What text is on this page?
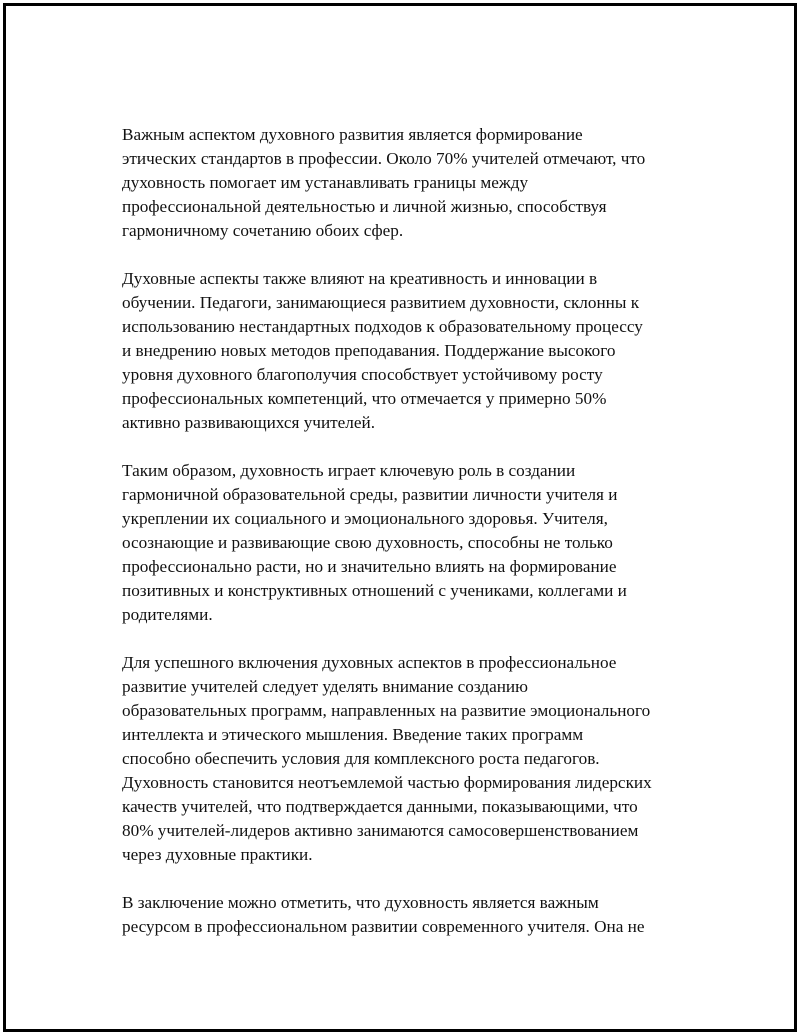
Важным аспектом духовного развития является формирование
этических стандартов в профессии. Около 70% учителей отмечают, что
духовность помогает им устанавливать границы между
профессиональной деятельностью и личной жизнью, способствуя
гармоничному сочетанию обоих сфер.

Духовные аспекты также влияют на креативность и инновации в
обучении. Педагоги, занимающиеся развитием духовности, склонны к
использованию нестандартных подходов к образовательному процессу
и внедрению новых методов преподавания. Поддержание высокого
уровня духовного благополучия способствует устойчивому росту
профессиональных компетенций, что отмечается у примерно 50%
активно развивающихся учителей.

Таким образом, духовность играет ключевую роль в создании
гармоничной образовательной среды, развитии личности учителя и
укреплении их социального и эмоционального здоровья. Учителя,
осознающие и развивающие свою духовность, способны не только
профессионально расти, но и значительно влиять на формирование
позитивных и конструктивных отношений с учениками, коллегами и
родителями.

Для успешного включения духовных аспектов в профессиональное
развитие учителей следует уделять внимание созданию
образовательных программ, направленных на развитие эмоционального
интеллекта и этического мышления. Введение таких программ
способно обеспечить условия для комплексного роста педагогов.
Духовность становится неотъемлемой частью формирования лидерских
качеств учителей, что подтверждается данными, показывающими, что
80% учителей-лидеров активно занимаются самосовершенствованием
через духовные практики.

В заключение можно отметить, что духовность является важным
ресурсом в профессиональном развитии современного учителя. Она не
